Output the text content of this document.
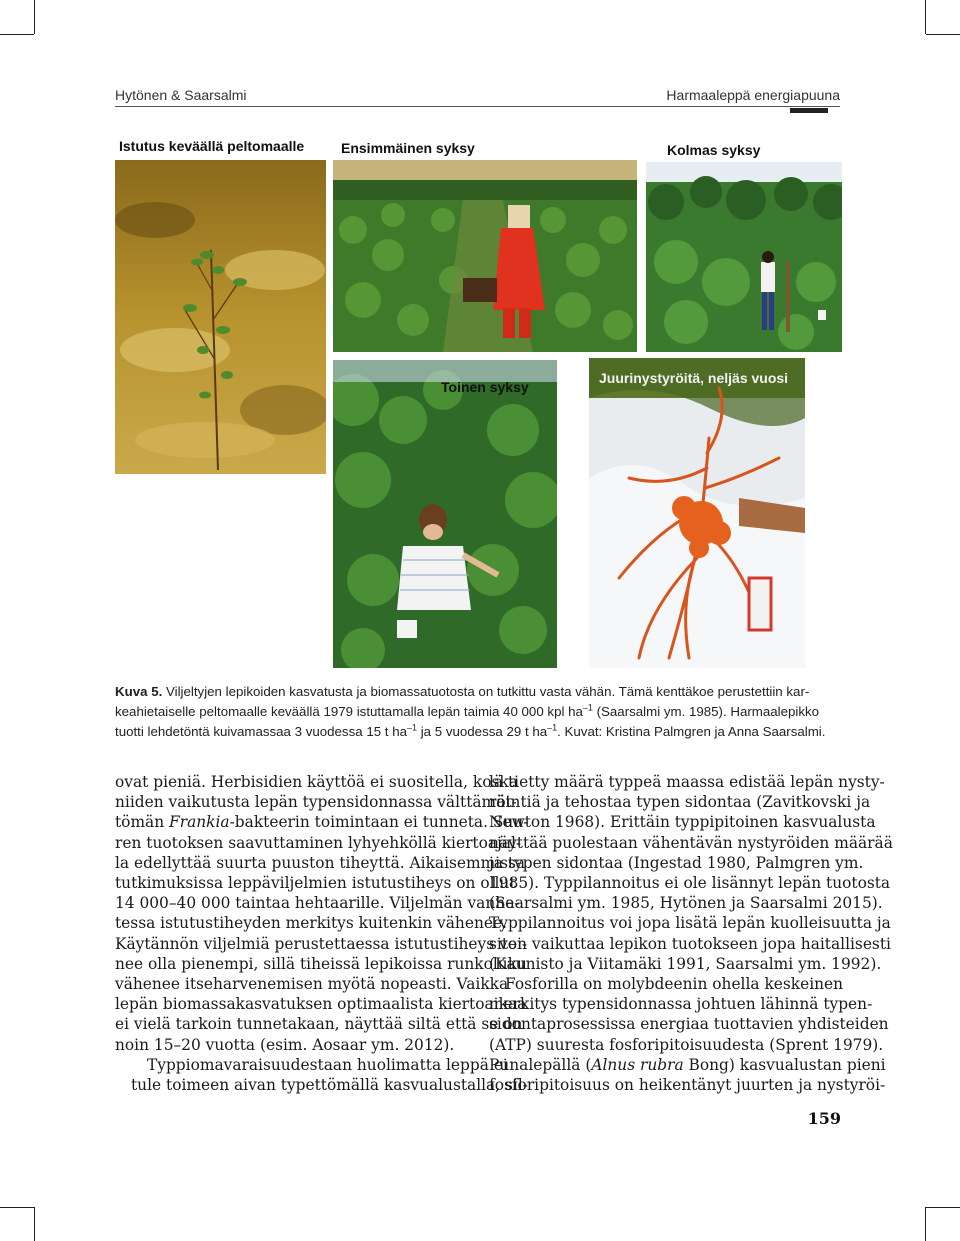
Hytönen & Saarsalmi	Harmaaleppä energiapuuna
Istutus keväällä peltomaalle	Ensimmäinen syksy	Kolmas syksy
Toinen syksy
Juurinystyröitä, neljäs vuosi
Kuva 5. Viljeltyjen lepikoiden kasvatusta ja biomassatuotosta on tutkittu vasta vähän. Tämä kenttäkoe perustettiin kar-
keahietaiselle peltomaalle keväällä 1979 istuttamalla lepän taimia 40 000 kpl $ha^{-1}$ (Saarsalmi ym. 1985). Harmaalepikko
tuotti lehdetöntä kuivamassaa 3 vuodessa 15 t $ha^{-1}$ ja 5 vuodessa 29 t $ha^{-1}$. Kuvat: Kristina Palmgren ja Anna Saarsalmi.

ovat pieniä. Herbisidien käyttöä ei suositella, koska
niiden vaikutusta lepän typensidonnassa välttämät-
tömän Frankia-bakteerin toimintaan ei tunneta. Suu-
ren tuotoksen saavuttaminen lyhyehköllä kiertoajal-
la edellyttää suurta puuston tiheyttä. Aikaisemmissa
tutkimuksissa leppäviljelmien istutustiheys on ollut
14 000–40 000 taintaa hehtaarille. Viljelmän vanhe-
tessa istutustiheyden merkitys kuitenkin vähenee.
Käytännön viljelmiä perustettaessa istutustiheys voi-
nee olla pienempi, sillä tiheissä lepikoissa runkoluku
vähenee itseharvenemisen myötä nopeasti. Vaikka
lepän biomassakasvatuksen optimaalista kiertoaikaa
ei vielä tarkoin tunnetakaan, näyttää siltä että se on
noin 15–20 vuotta (esim. Aosaar ym. 2012).

Typpiomavaraisuudestaan huolimatta leppä ei
tule toimeen aivan typettömällä kasvualustalla, sil-

lä tietty määrä typpeä maassa edistää lepän nysty-
röintiä ja tehostaa typen sidontaa (Zavitkovski ja
Newton 1968). Erittäin typpipitoinen kasvualusta
näyttää puolestaan vähentävän nystyröiden määrää
ja typen sidontaa (Ingestad 1980, Palmgren ym.
1985). Typpilannoitus ei ole lisännyt lepän tuotosta
(Saarsalmi ym. 1985, Hytönen ja Saarsalmi 2015).
Typpilannoitus voi jopa lisätä lepän kuolleisuutta ja
siten vaikuttaa lepikon tuotokseen jopa haitallisesti
(Kaunisto ja Viitamäki 1991, Saarsalmi ym. 1992).

Fosforilla on molybdeenin ohella keskeinen
merkitys typensidonnassa johtuen lähinnä typen-
sidontaprosessissa energiaa tuottavien yhdisteiden
(ATP) suuresta fosforipitoisuudesta (Sprent 1979).
Punalepällä (Alnus rubra Bong) kasvualustan pieni
fosforipitoisuus on heikentänyt juurten ja nystyröi-

159
